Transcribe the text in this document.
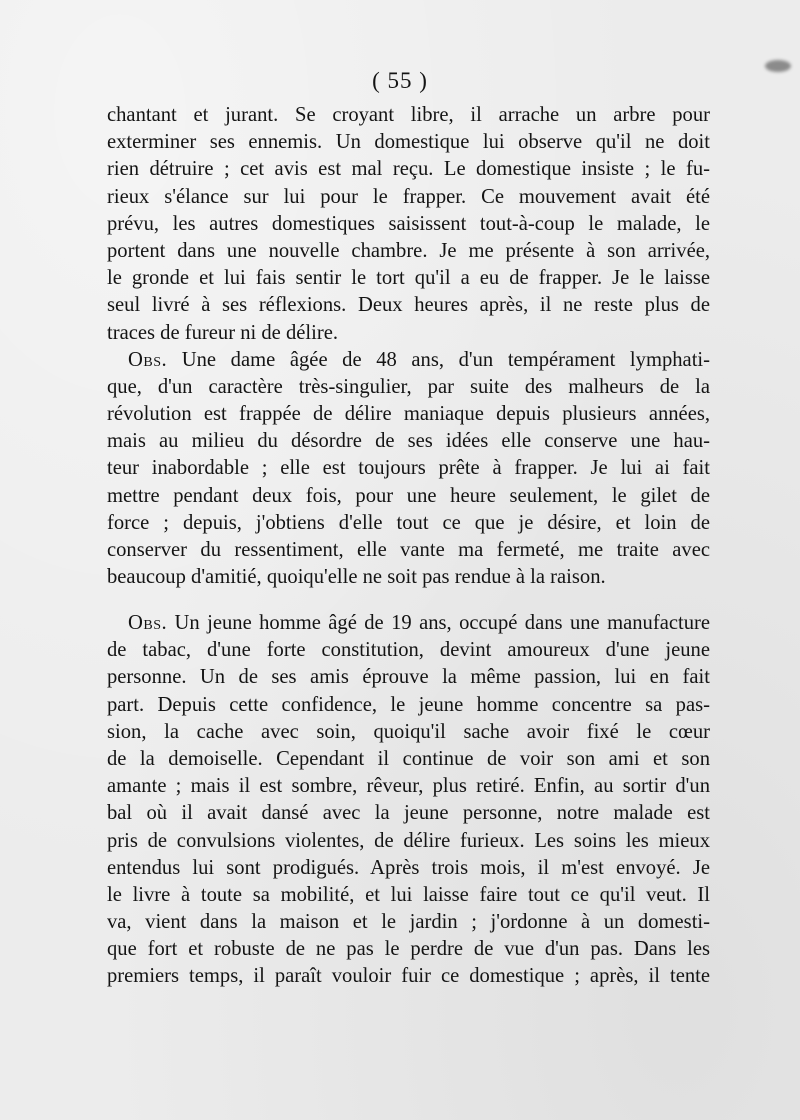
( 55 )
chantant et jurant. Se croyant libre, il arrache un arbre pour
exterminer ses ennemis. Un domestique lui observe qu'il ne doit
rien détruire ; cet avis est mal reçu. Le domestique insiste ; le fu-
rieux s'élance sur lui pour le frapper. Ce mouvement avait été
prévu, les autres domestiques saisissent tout-à-coup le malade, le
portent dans une nouvelle chambre. Je me présente à son arrivée,
le gronde et lui fais sentir le tort qu'il a eu de frapper. Je le laisse
seul livré à ses réflexions. Deux heures après, il ne reste plus de
traces de fureur ni de délire.
Obs. Une dame âgée de 48 ans, d'un tempérament lymphati-
que, d'un caractère très-singulier, par suite des malheurs de la
révolution est frappée de délire maniaque depuis plusieurs années,
mais au milieu du désordre de ses idées elle conserve une hau-
teur inabordable ; elle est toujours prête à frapper. Je lui ai fait
mettre pendant deux fois, pour une heure seulement, le gilet de
force ; depuis, j'obtiens d'elle tout ce que je désire, et loin de
conserver du ressentiment, elle vante ma fermeté, me traite avec
beaucoup d'amitié, quoiqu'elle ne soit pas rendue à la raison.
Obs. Un jeune homme âgé de 19 ans, occupé dans une manufacture
de tabac, d'une forte constitution, devint amoureux d'une jeune
personne. Un de ses amis éprouve la même passion, lui en fait
part. Depuis cette confidence, le jeune homme concentre sa pas-
sion, la cache avec soin, quoiqu'il sache avoir fixé le cœur
de la demoiselle. Cependant il continue de voir son ami et son
amante ; mais il est sombre, rêveur, plus retiré. Enfin, au sortir d'un
bal où il avait dansé avec la jeune personne, notre malade est
pris de convulsions violentes, de délire furieux. Les soins les mieux
entendus lui sont prodigués. Après trois mois, il m'est envoyé. Je
le livre à toute sa mobilité, et lui laisse faire tout ce qu'il veut. Il
va, vient dans la maison et le jardin ; j'ordonne à un domesti-
que fort et robuste de ne pas le perdre de vue d'un pas. Dans les
premiers temps, il paraît vouloir fuir ce domestique ; après, il tente
